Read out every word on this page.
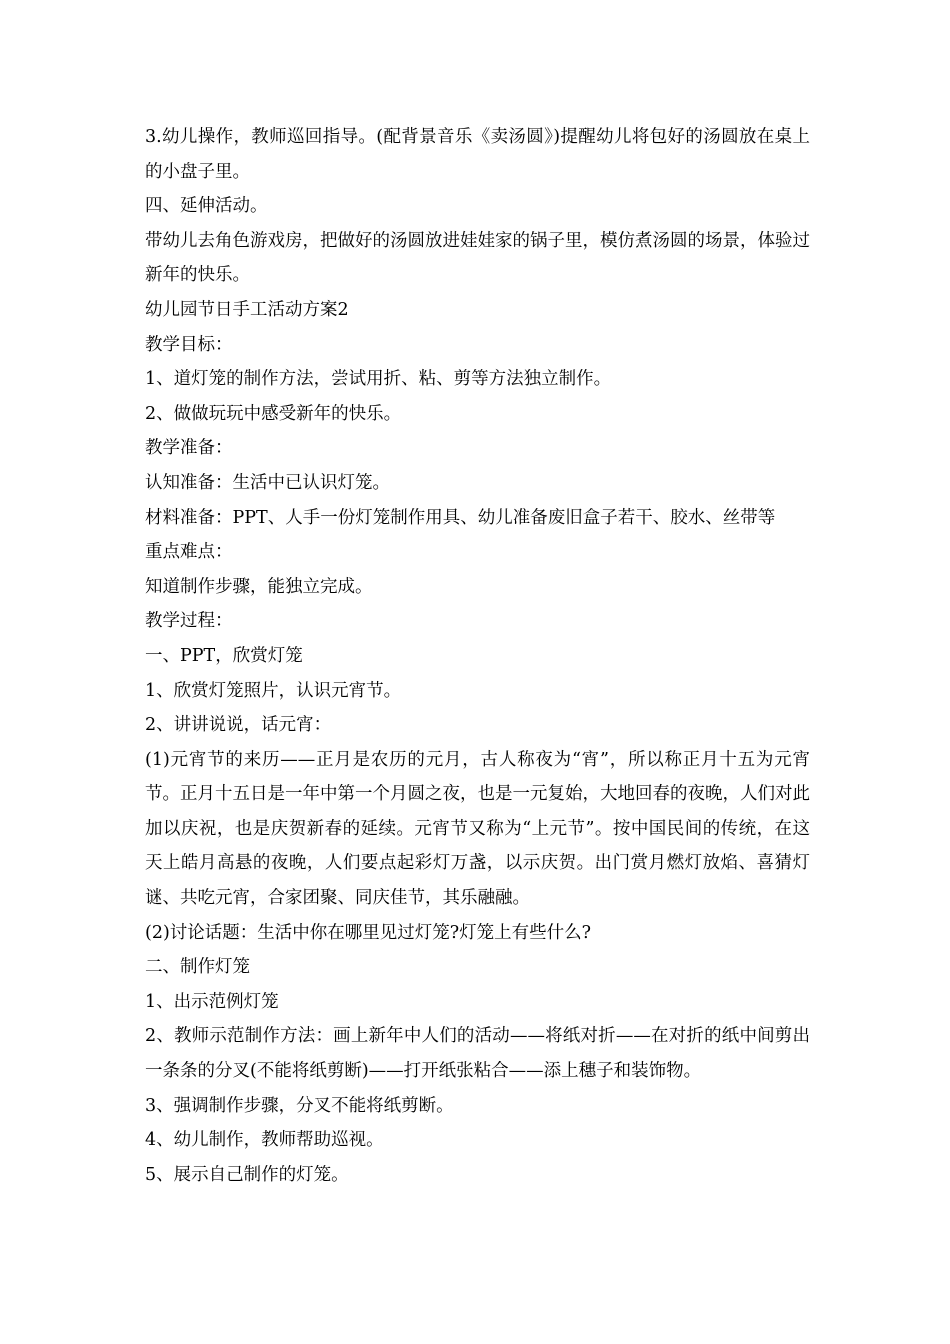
3.幼儿操作，教师巡回指导。(配背景音乐《卖汤圆》)提醒幼儿将包好的汤圆放在桌上的小盘子里。

四、延伸活动。

带幼儿去角色游戏房，把做好的汤圆放进娃娃家的锅子里，模仿煮汤圆的场景，体验过新年的快乐。

幼儿园节日手工活动方案2

教学目标：

1、道灯笼的制作方法，尝试用折、粘、剪等方法独立制作。

2、做做玩玩中感受新年的快乐。

教学准备：

认知准备：生活中已认识灯笼。

材料准备：PPT、人手一份灯笼制作用具、幼儿准备废旧盒子若干、胶水、丝带等

重点难点：

知道制作步骤，能独立完成。

教学过程：

一、PPT，欣赏灯笼

1、欣赏灯笼照片，认识元宵节。

2、讲讲说说，话元宵：

(1)元宵节的来历——正月是农历的元月，古人称夜为“宵”，所以称正月十五为元宵节。正月十五日是一年中第一个月圆之夜，也是一元复始，大地回春的夜晚，人们对此加以庆祝，也是庆贺新春的延续。元宵节又称为“上元节”。按中国民间的传统，在这天上皓月高悬的夜晚，人们要点起彩灯万盏，以示庆贺。出门赏月燃灯放焰、喜猜灯谜、共吃元宵，合家团聚、同庆佳节，其乐融融。

(2)讨论话题：生活中你在哪里见过灯笼?灯笼上有些什么?

二、制作灯笼

1、出示范例灯笼

2、教师示范制作方法：画上新年中人们的活动——将纸对折——在对折的纸中间剪出一条条的分叉(不能将纸剪断)——打开纸张粘合——添上穗子和装饰物。

3、强调制作步骤，分叉不能将纸剪断。

4、幼儿制作，教师帮助巡视。

5、展示自己制作的灯笼。
